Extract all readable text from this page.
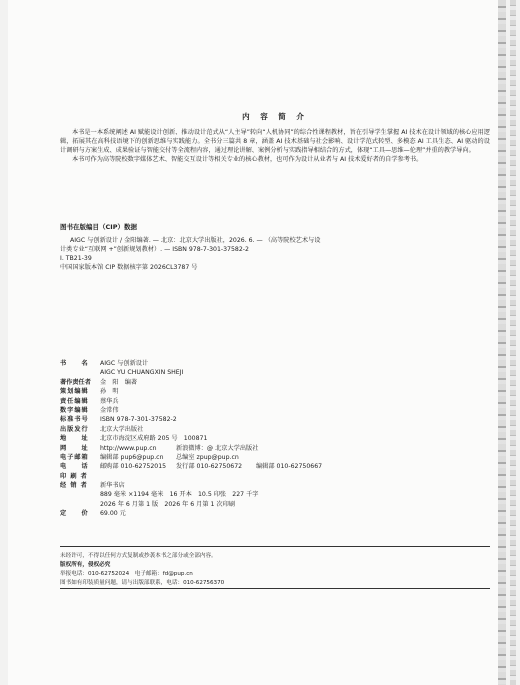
内 容 简 介

本书是一本系统阐述 AI 赋能设计创新、推动设计范式从“人主导”转向“人机协同”的综合性课程教材，旨在引导学生掌握 AI 技术在设计领域的核心应用逻辑，拓展其在高科技语境下的创新思维与实践能力。全书分三篇共 8 章，涵盖 AI 技术基础与社会影响、设计学范式转型、多模态 AI 工具生态、AI 驱动的设计调研与方案生成、成果验证与智能交付等全流程内容，通过理论讲解、案例分析与实践指导相结合的方式，体现“工具—思维—伦理”并重的教学导向。

本书可作为高等院校数字媒体艺术、智能交互设计等相关专业的核心教材，也可作为设计从业者与 AI 技术爱好者的自学参考书。

图书在版编目（CIP）数据
AIGC 与创新设计 / 金阳编著. — 北京：北京大学出版社，2026. 6. — （高等院校艺术与设
计类专业“互联网 +”创新规划教材）. — ISBN 978-7-301-37582-2
Ⅰ. TB21-39
中国国家版本馆 CIP 数据核字第 2026CL3787 号
书　　名	AIGC 与创新设计
AIGC YU CHUANGXIN SHEJI
著作责任者	金　阳　编著
策划编辑	孙　明
责任编辑	蔡华兵
数字编辑	金常伟
标准书号	ISBN 978-7-301-37582-2
出版发行	北京大学出版社
地　　址	北京市海淀区成府路 205 号　100871
网　　址	http://www.pup.cn	新浪微博：@ 北京大学出版社
电子邮箱	编辑部 pup6@pup.cn 总编室 zpup@pup.cn
电　　话	邮购部 010-62752015 发行部 010-62750672 编辑部 010-62750667
印 刷 者
经 销 者	新华书店
889 毫米 ×1194 毫米　16 开本　10.5 印张　227 千字
2026 年 6 月第 1 版　2026 年 6 月第 1 次印刷
定　　价	69.00 元
未经许可，不得以任何方式复制或抄袭本书之部分或全部内容。
版权所有，侵权必究
举报电话：010-62752024　电子邮箱：fd@pup.cn
图书如有印装质量问题，请与出版部联系，电话：010-62756370
